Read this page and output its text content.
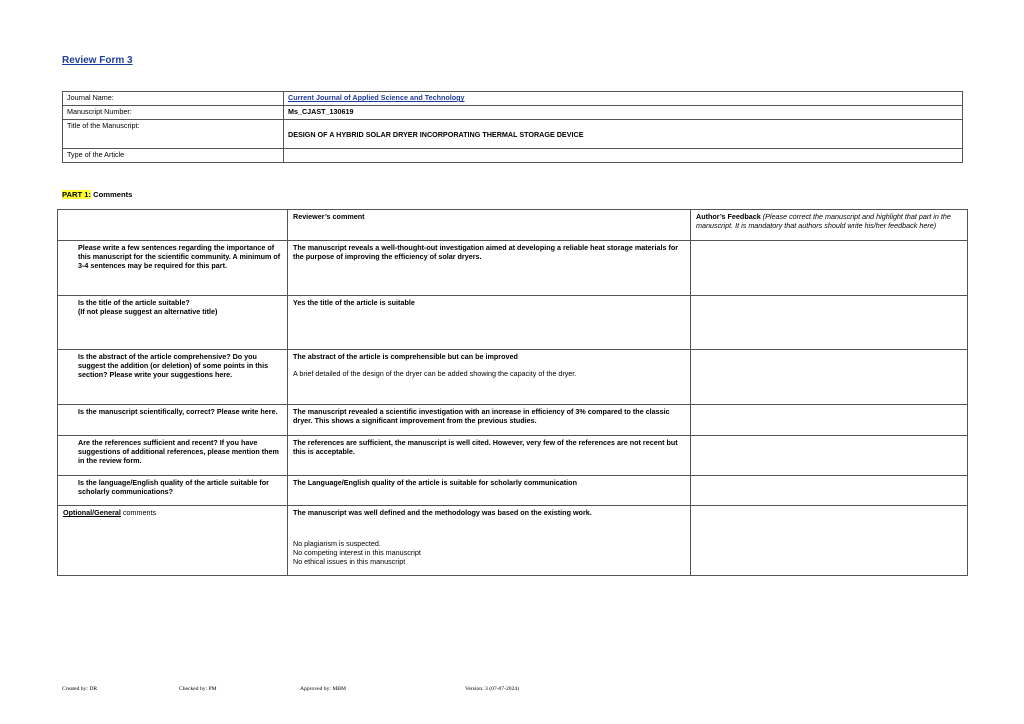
Review Form 3
Journal Name:	Current Journal of Applied Science and Technology
Manuscript Number:	Ms_CJAST_130619
Title of the Manuscript:	DESIGN OF A HYBRID SOLAR DRYER INCORPORATING THERMAL STORAGE DEVICE
Type of the Article	
PART 1: Comments
	Reviewer’s comment	Author’s Feedback (Please correct the manuscript and highlight that part in the manuscript. It is mandatory that authors should write his/her feedback here)
Please write a few sentences regarding the importance of this manuscript for the scientific community. A minimum of 3-4 sentences may be required for this part.	The manuscript reveals a well-thought-out investigation aimed at developing a reliable heat storage materials for the purpose of improving the efficiency of solar dryers.	
Is the title of the article suitable?
(If not please suggest an alternative title)	Yes the title of the article is suitable	
Is the abstract of the article comprehensive? Do you suggest the addition (or deletion) of some points in this section? Please write your suggestions here.	The abstract of the article is comprehensible but can be improved

A brief detailed of the design of the dryer can be added showing the capacity of the dryer.	

Is the manuscript scientifically, correct? Please write here.	The manuscript revealed a scientific investigation with an increase in efficiency of 3% compared to the classic dryer. This shows a significant improvement from the previous studies.	
Are the references sufficient and recent? If you have suggestions of additional references, please mention them in the review form.	The references are sufficient, the manuscript is well cited. However, very few of the references are not recent but this is acceptable.	
Is the language/English quality of the article suitable for scholarly communications?	The Language/English quality of the article is suitable for scholarly communication	
Optional/General comments	The manuscript was well defined and the methodology was based on the existing work.

No plagiarism is suspected.

No competing interest in this manuscript

No ethical issues in this manuscript	

Created by: DR	Checked by: PM	Approved by: MBM	Version: 3 (07-07-2024)
